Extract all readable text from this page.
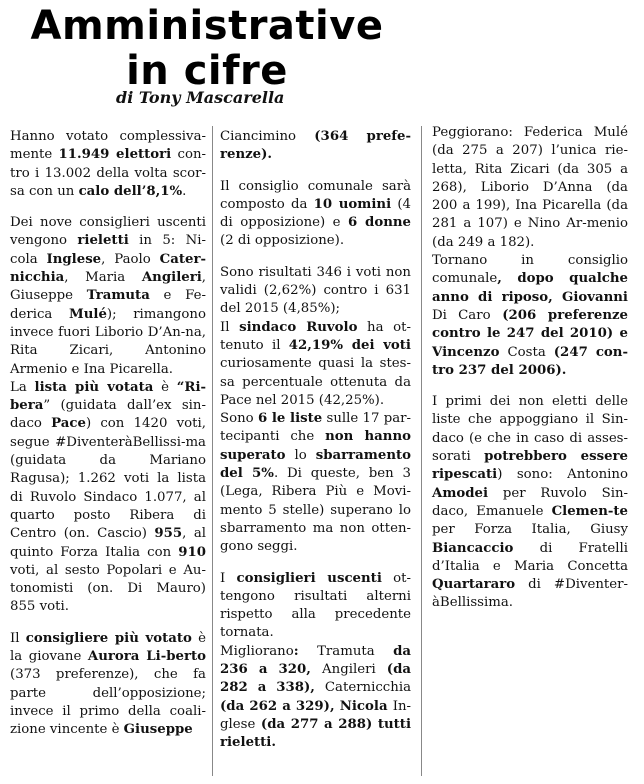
Amministrative
in cifre
di Tony Mascarella

Hanno votato complessiva-mente 11.949 elettori con-tro i 13.002 della volta scor-sa con un calo dell’8,1%.

Dei nove consiglieri uscenti vengono rieletti in 5: Ni-cola Inglese, Paolo Cater-nicchia, Maria Angileri, Giuseppe Tramuta e Fe-derica Mulé); rimangono invece fuori Liborio D’An-na, Rita Zicari, Antonino Armenio e Ina Picarella.

La lista più votata è “Ri-bera” (guidata dall’ex sin-daco Pace) con 1420 voti, segue #DiventeràBellissi-ma (guidata da Mariano Ragusa); 1.262 voti la lista di Ruvolo Sindaco 1.077, al quarto posto Ribera di Centro (on. Cascio) 955, al quinto Forza Italia con 910 voti, al sesto Popolari e Au-tonomisti (on. Di Mauro) 855 voti.

Il consigliere più votato è la giovane Aurora Li-berto (373 preferenze), che fa parte dell’opposizione; invece il primo della coali-zione vincente è Giuseppe

Ciancimino (364 prefe-renze).

Il consiglio comunale sarà composto da 10 uomini (4 di opposizione) e 6 donne (2 di opposizione).

Sono risultati 346 i voti non validi (2,62%) contro i 631 del 2015 (4,85%);

Il sindaco Ruvolo ha ot-tenuto il 42,19% dei voti curiosamente quasi la stes-sa percentuale ottenuta da Pace nel 2015 (42,25%).

Sono 6 le liste sulle 17 par-tecipanti che non hanno superato lo sbarramento del 5%. Di queste, ben 3 (Lega, Ribera Più e Movi-mento 5 stelle) superano lo sbarramento ma non otten-gono seggi.

I consiglieri uscenti ot-tengono risultati alterni rispetto alla precedente tornata.

Migliorano: Tramuta da 236 a 320, Angileri (da 282 a 338), Caternicchia (da 262 a 329), Nicola In-glese (da 277 a 288) tutti rieletti.

Peggiorano: Federica Mulé (da 275 a 207) l’unica rie-letta, Rita Zicari (da 305 a 268), Liborio D’Anna (da 200 a 199), Ina Picarella (da 281 a 107) e Nino Ar-menio (da 249 a 182).

Tornano in consiglio comunale, dopo qualche anno di riposo, Giovanni Di Caro (206 preferenze contro le 247 del 2010) e Vincenzo Costa (247 con-tro 237 del 2006).

I primi dei non eletti delle liste che appoggiano il Sin-daco (e che in caso di asses-sorati potrebbero essere ripescati) sono: Antonino Amodei per Ruvolo Sin-daco, Emanuele Clemen-te per Forza Italia, Giusy Biancaccio di Fratelli d’Italia e Maria Concetta Quartararo di #Diventer-àBellissima.
